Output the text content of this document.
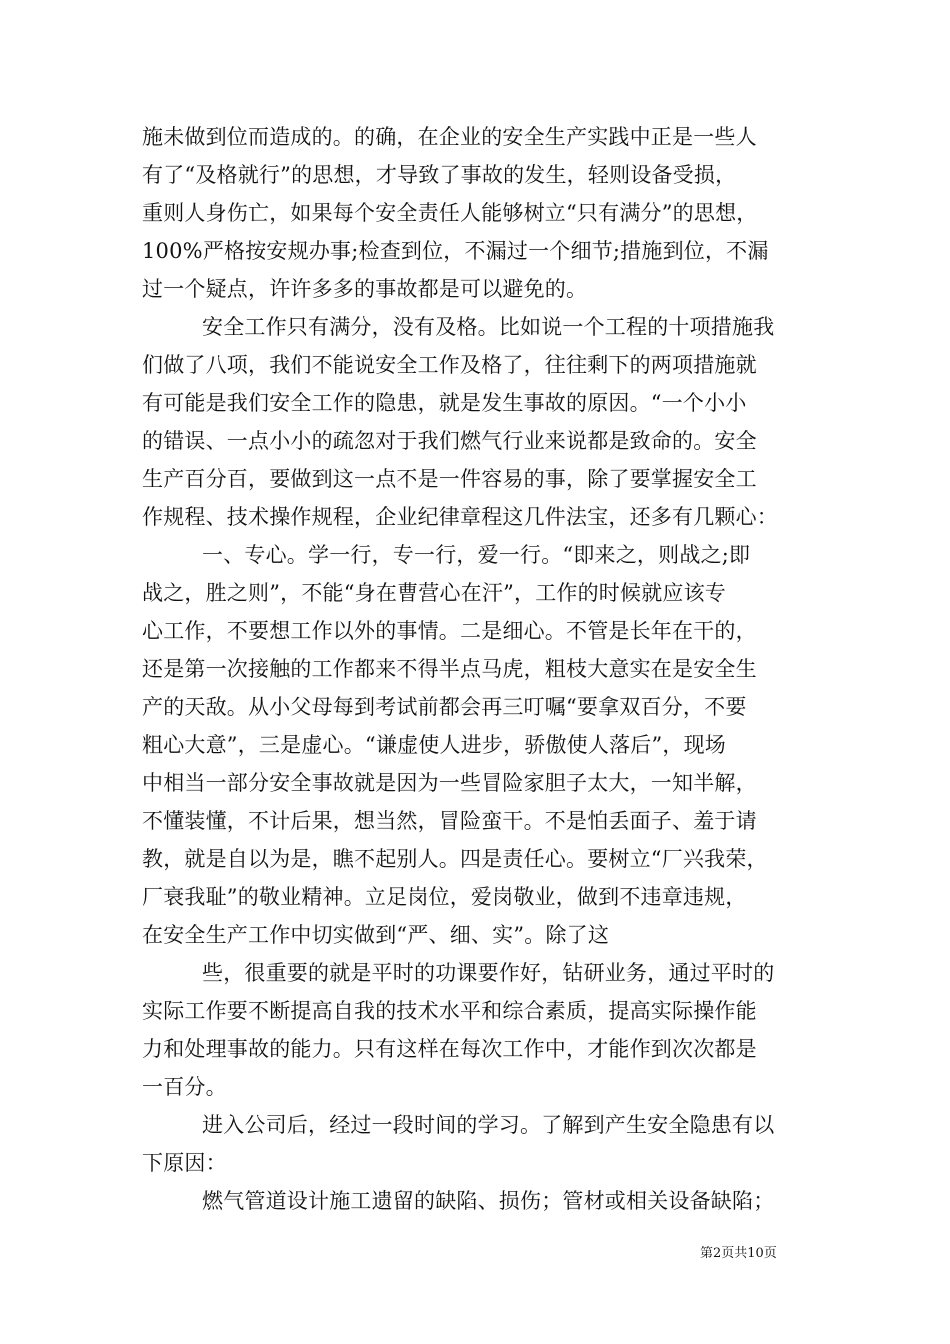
施未做到位而造成的。的确，在企业的安全生产实践中正是一些人
有了“及格就行”的思想，才导致了事故的发生，轻则设备受损，
重则人身伤亡，如果每个安全责任人能够树立“只有满分”的思想，
100%严格按安规办事;检查到位，不漏过一个细节;措施到位，不漏
过一个疑点，许许多多的事故都是可以避免的。
安全工作只有满分，没有及格。比如说一个工程的十项措施我
们做了八项，我们不能说安全工作及格了，往往剩下的两项措施就
有可能是我们安全工作的隐患，就是发生事故的原因。“一个小小
的错误、一点小小的疏忽对于我们燃气行业来说都是致命的。安全
生产百分百，要做到这一点不是一件容易的事，除了要掌握安全工
作规程、技术操作规程，企业纪律章程这几件法宝，还多有几颗心：
一、专心。学一行，专一行，爱一行。“即来之，则战之;即
战之，胜之则”，不能“身在曹营心在汗”，工作的时候就应该专
心工作，不要想工作以外的事情。二是细心。不管是长年在干的，
还是第一次接触的工作都来不得半点马虎，粗枝大意实在是安全生
产的天敌。从小父母每到考试前都会再三叮嘱“要拿双百分，不要
粗心大意”，三是虚心。“谦虚使人进步，骄傲使人落后”，现场
中相当一部分安全事故就是因为一些冒险家胆子太大，一知半解，
不懂装懂，不计后果，想当然，冒险蛮干。不是怕丢面子、羞于请
教，就是自以为是，瞧不起别人。四是责任心。要树立“厂兴我荣，
厂衰我耻”的敬业精神。立足岗位，爱岗敬业，做到不违章违规，
在安全生产工作中切实做到“严、细、实”。除了这
些，很重要的就是平时的功课要作好，钻研业务，通过平时的
实际工作要不断提高自我的技术水平和综合素质，提高实际操作能
力和处理事故的能力。只有这样在每次工作中，才能作到次次都是
一百分。
进入公司后，经过一段时间的学习。了解到产生安全隐患有以
下原因：
燃气管道设计施工遗留的缺陷、损伤；管材或相关设备缺陷；
第2页共10页
